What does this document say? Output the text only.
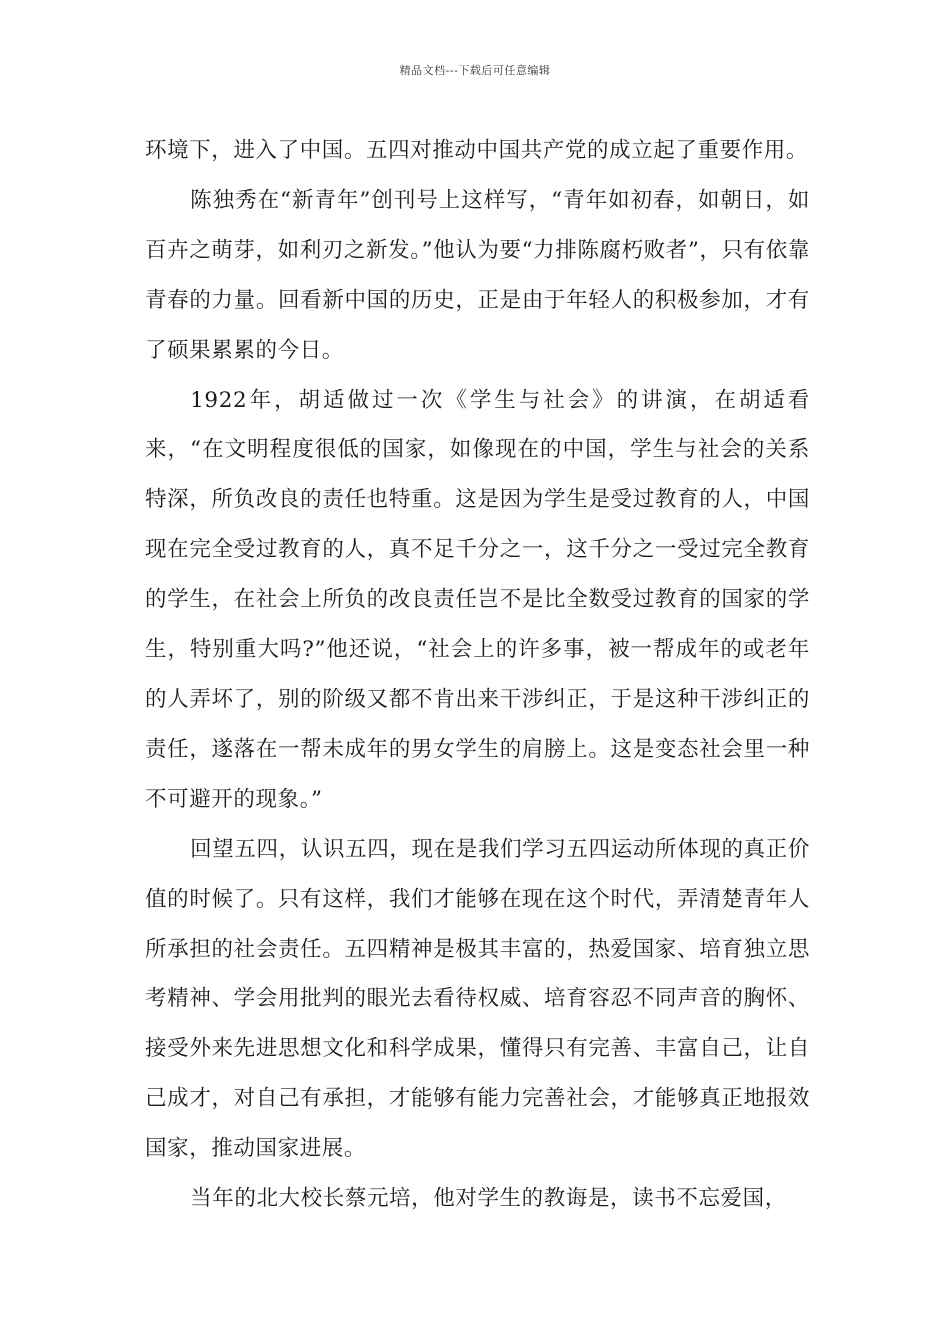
精品文档---下载后可任意编辑

环境下，进入了中国。五四对推动中国共产党的成立起了重要作用。

陈独秀在“新青年”创刊号上这样写，“青年如初春，如朝日，如百卉之萌芽，如利刃之新发。”他认为要“力排陈腐朽败者”，只有依靠青春的力量。回看新中国的历史，正是由于年轻人的积极参加，才有了硕果累累的今日。

1922年，胡适做过一次《学生与社会》的讲演，在胡适看来，“在文明程度很低的国家，如像现在的中国，学生与社会的关系特深，所负改良的责任也特重。这是因为学生是受过教育的人，中国现在完全受过教育的人，真不足千分之一，这千分之一受过完全教育的学生，在社会上所负的改良责任岂不是比全数受过教育的国家的学生，特别重大吗?”他还说，“社会上的许多事，被一帮成年的或老年的人弄坏了，别的阶级又都不肯出来干涉纠正，于是这种干涉纠正的责任，遂落在一帮未成年的男女学生的肩膀上。这是变态社会里一种不可避开的现象。”

回望五四，认识五四，现在是我们学习五四运动所体现的真正价值的时候了。只有这样，我们才能够在现在这个时代，弄清楚青年人所承担的社会责任。五四精神是极其丰富的，热爱国家、培育独立思考精神、学会用批判的眼光去看待权威、培育容忍不同声音的胸怀、接受外来先进思想文化和科学成果，懂得只有完善、丰富自己，让自己成才，对自己有承担，才能够有能力完善社会，才能够真正地报效国家，推动国家进展。

当年的北大校长蔡元培，他对学生的教诲是，读书不忘爱国，
